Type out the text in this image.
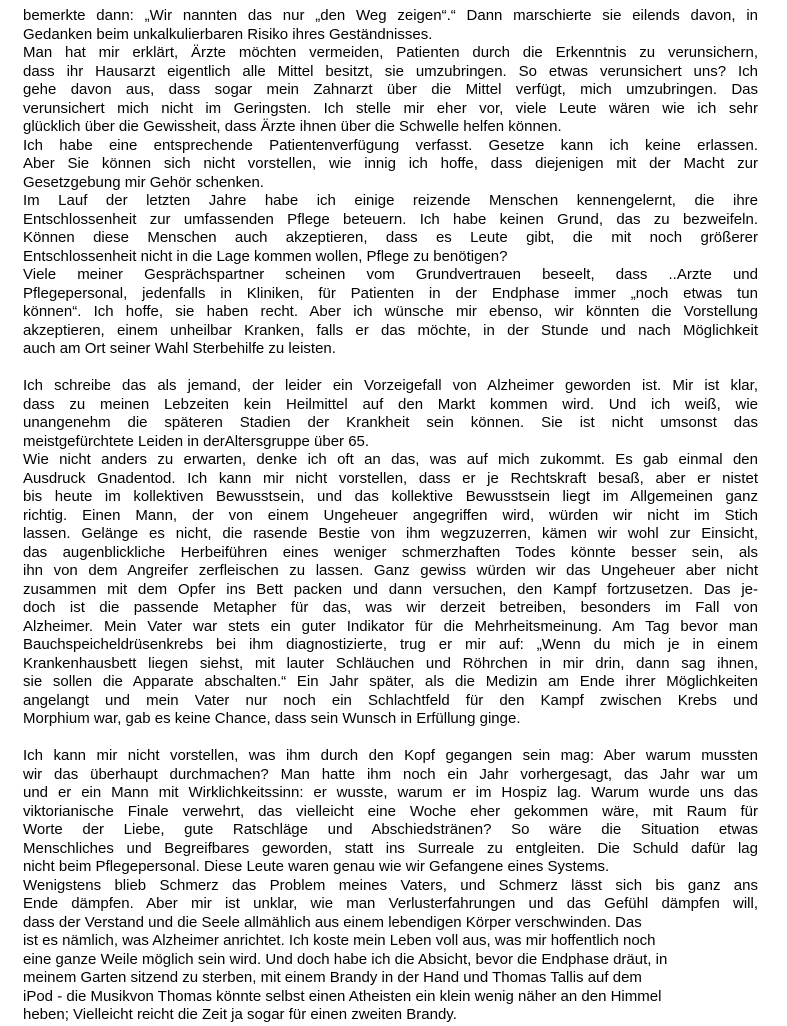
bemerkte dann: „Wir nannten das nur „den Weg zeigen“.“ Dann marschierte sie eilends davon, in
Gedanken beim unkalkulierbaren Risiko ihres Geständnisses.
Man hat mir erklärt, Ärzte möchten vermeiden, Patienten durch die Erkenntnis zu verunsichern,
dass ihr Hausarzt eigentlich alle Mittel besitzt, sie umzubringen. So etwas verunsichert uns? Ich
gehe davon aus, dass sogar mein Zahnarzt über die Mittel verfügt, mich umzubringen. Das
verunsichert mich nicht im Geringsten. Ich stelle mir eher vor, viele Leute wären wie ich sehr
glücklich über die Gewissheit, dass Ärzte ihnen über die Schwelle helfen können.
Ich habe eine entsprechende Patientenverfügung verfasst. Gesetze kann ich keine erlassen.
Aber Sie können sich nicht vorstellen, wie innig ich hoffe, dass diejenigen mit der Macht zur
Gesetzgebung mir Gehör schenken.
Im Lauf der letzten Jahre habe ich einige reizende Menschen kennengelernt, die ihre
Entschlossenheit zur umfassenden Pflege beteuern. Ich habe keinen Grund, das zu bezweifeln.
Können diese Menschen auch akzeptieren, dass es Leute gibt, die mit noch größerer
Entschlossenheit nicht in die Lage kommen wollen, Pflege zu benötigen?
Viele meiner Gesprächspartner scheinen vom Grundvertrauen beseelt, dass ..Arzte und
Pflegepersonal, jedenfalls in Kliniken, für Patienten in der Endphase immer „noch etwas tun
können“. Ich hoffe, sie haben recht. Aber ich wünsche mir ebenso, wir könnten die Vorstellung
akzeptieren, einem unheilbar Kranken, falls er das möchte, in der Stunde und nach Möglichkeit
auch am Ort seiner Wahl Sterbehilfe zu leisten.
Ich schreibe das als jemand, der leider ein Vorzeigefall von Alzheimer geworden ist. Mir ist klar,
dass zu meinen Lebzeiten kein Heilmittel auf den Markt kommen wird. Und ich weiß, wie
unangenehm die späteren Stadien der Krankheit sein können. Sie ist nicht umsonst das
meistgefürchtete Leiden in derAltersgruppe über 65.
Wie nicht anders zu erwarten, denke ich oft an das, was auf mich zukommt. Es gab einmal den
Ausdruck Gnadentod. Ich kann mir nicht vorstellen, dass er je Rechtskraft besaß, aber er nistet
bis heute im kollektiven Bewusstsein, und das kollektive Bewusstsein liegt im Allgemeinen ganz
richtig. Einen Mann, der von einem Ungeheuer angegriffen wird, würden wir nicht im Stich
lassen. Gelänge es nicht, die rasende Bestie von ihm wegzuzerren, kämen wir wohl zur Einsicht,
das augenblickliche Herbeiführen eines weniger schmerzhaften Todes könnte besser sein, als
ihn von dem Angreifer zerfleischen zu lassen. Ganz gewiss würden wir das Ungeheuer aber nicht
zusammen mit dem Opfer ins Bett packen und dann versuchen, den Kampf fortzusetzen. Das je-
doch ist die passende Metapher für das, was wir derzeit betreiben, besonders im Fall von
Alzheimer. Mein Vater war stets ein guter Indikator für die Mehrheitsmeinung. Am Tag bevor man
Bauchspeicheldrüsenkrebs bei ihm diagnostizierte, trug er mir auf: „Wenn du mich je in einem
Krankenhausbett liegen siehst, mit lauter Schläuchen und Röhrchen in mir drin, dann sag ihnen,
sie sollen die Apparate abschalten.“ Ein Jahr später, als die Medizin am Ende ihrer Möglichkeiten
angelangt und mein Vater nur noch ein Schlachtfeld für den Kampf zwischen Krebs und
Morphium war, gab es keine Chance, dass sein Wunsch in Erfüllung ginge.
Ich kann mir nicht vorstellen, was ihm durch den Kopf gegangen sein mag: Aber warum mussten
wir das überhaupt durchmachen? Man hatte ihm noch ein Jahr vorhergesagt, das Jahr war um
und er ein Mann mit Wirklichkeitssinn: er wusste, warum er im Hospiz lag. Warum wurde uns das
viktorianische Finale verwehrt, das vielleicht eine Woche eher gekommen wäre, mit Raum für
Worte der Liebe, gute Ratschläge und Abschiedstränen? So wäre die Situation etwas
Menschliches und Begreifbares geworden, statt ins Surreale zu entgleiten. Die Schuld dafür lag
nicht beim Pflegepersonal. Diese Leute waren genau wie wir Gefangene eines Systems.
Wenigstens blieb Schmerz das Problem meines Vaters, und Schmerz lässt sich bis ganz ans
Ende dämpfen. Aber mir ist unklar, wie man Verlusterfahrungen und das Gefühl dämpfen will,
dass der Verstand und die Seele allmählich aus einem lebendigen Körper verschwinden. Das
ist es nämlich, was Alzheimer anrichtet. Ich koste mein Leben voll aus, was mir hoffentlich noch
eine ganze Weile möglich sein wird. Und doch habe ich die Absicht, bevor die Endphase dräut, in
meinem Garten sitzend zu sterben, mit einem Brandy in der Hand und Thomas Tallis auf dem
iPod - die Musikvon Thomas könnte selbst einen Atheisten ein klein wenig näher an den Himmel
heben; Vielleicht reicht die Zeit ja sogar für einen zweiten Brandy.
